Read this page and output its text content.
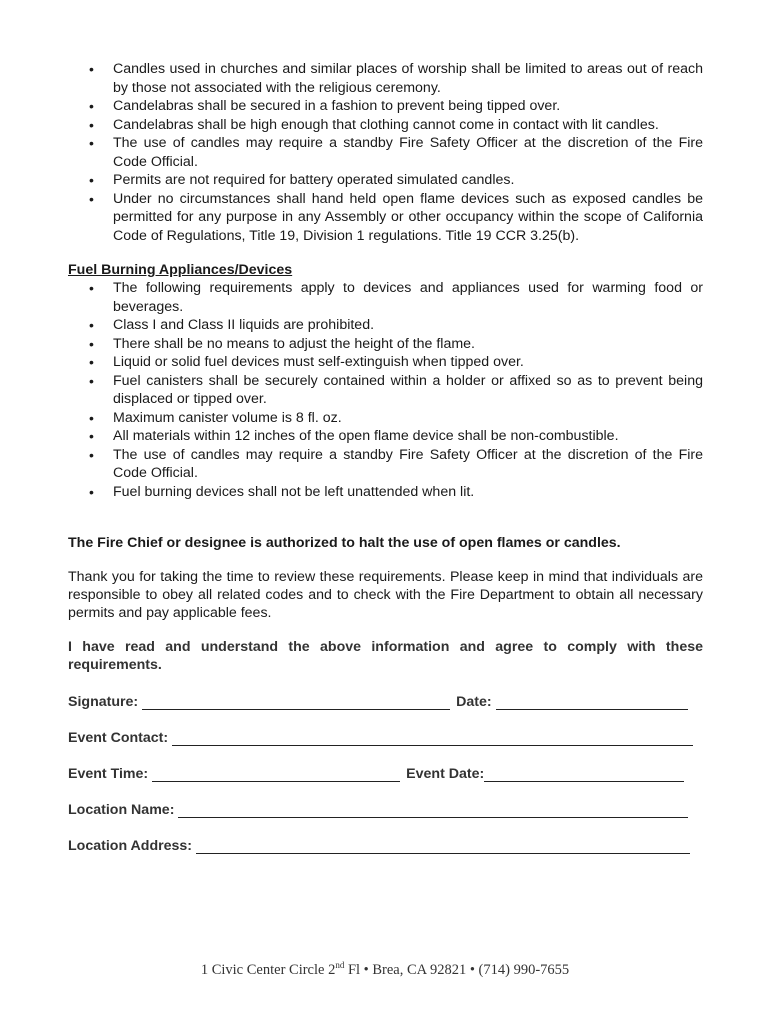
• Candles used in churches and similar places of worship shall be limited to areas out of reach by those not associated with the religious ceremony.
• Candelabras shall be secured in a fashion to prevent being tipped over.
• Candelabras shall be high enough that clothing cannot come in contact with lit candles.
• The use of candles may require a standby Fire Safety Officer at the discretion of the Fire Code Official.
• Permits are not required for battery operated simulated candles.
• Under no circumstances shall hand held open flame devices such as exposed candles be permitted for any purpose in any Assembly or other occupancy within the scope of California Code of Regulations, Title 19, Division 1 regulations. Title 19 CCR 3.25(b).
Fuel Burning Appliances/Devices
• The following requirements apply to devices and appliances used for warming food or beverages.
• Class I and Class II liquids are prohibited.
• There shall be no means to adjust the height of the flame.
• Liquid or solid fuel devices must self-extinguish when tipped over.
• Fuel canisters shall be securely contained within a holder or affixed so as to prevent being displaced or tipped over.
• Maximum canister volume is 8 fl. oz.
• All materials within 12 inches of the open flame device shall be non-combustible.
• The use of candles may require a standby Fire Safety Officer at the discretion of the Fire Code Official.
• Fuel burning devices shall not be left unattended when lit.
The Fire Chief or designee is authorized to halt the use of open flames or candles.
Thank you for taking the time to review these requirements. Please keep in mind that individuals are responsible to obey all related codes and to check with the Fire Department to obtain all necessary permits and pay applicable fees.
I have read and understand the above information and agree to comply with these requirements.
Signature:	Date:
Event Contact:
Event Time:	Event Date:
Location Name:
Location Address:
1 Civic Center Circle 2nd Fl • Brea, CA 92821 • (714) 990-7655
